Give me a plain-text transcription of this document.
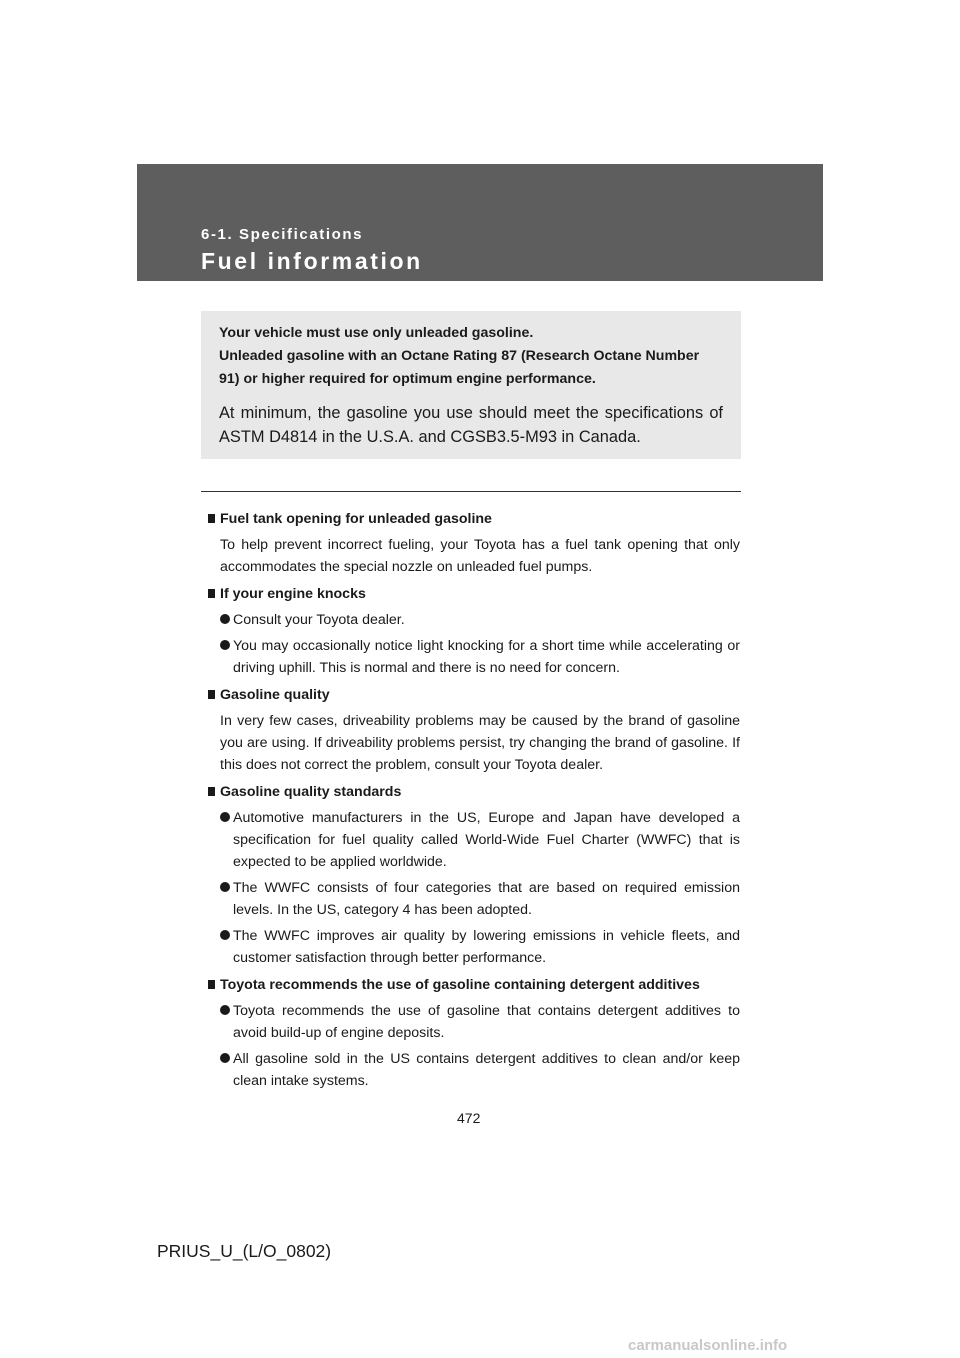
6-1. Specifications
Fuel information

Your vehicle must use only unleaded gasoline.

Unleaded gasoline with an Octane Rating 87 (Research Octane Number 91) or higher required for optimum engine performance.

At minimum, the gasoline you use should meet the specifications of ASTM D4814 in the U.S.A. and CGSB3.5-M93 in Canada.

Fuel tank opening for unleaded gasoline

To help prevent incorrect fueling, your Toyota has a fuel tank opening that only accommodates the special nozzle on unleaded fuel pumps.

If your engine knocks

Consult your Toyota dealer.
You may occasionally notice light knocking for a short time while accelerating or driving uphill. This is normal and there is no need for concern.

Gasoline quality

In very few cases, driveability problems may be caused by the brand of gasoline you are using. If driveability problems persist, try changing the brand of gasoline. If this does not correct the problem, consult your Toyota dealer.

Gasoline quality standards

Automotive manufacturers in the US, Europe and Japan have developed a specification for fuel quality called World-Wide Fuel Charter (WWFC) that is expected to be applied worldwide.
The WWFC consists of four categories that are based on required emission levels. In the US, category 4 has been adopted.
The WWFC improves air quality by lowering emissions in vehicle fleets, and customer satisfaction through better performance.

Toyota recommends the use of gasoline containing detergent additives

Toyota recommends the use of gasoline that contains detergent additives to avoid build-up of engine deposits.
All gasoline sold in the US contains detergent additives to clean and/or keep clean intake systems.
472
PRIUS_U_(L/O_0802)
carmanualsonline.info
